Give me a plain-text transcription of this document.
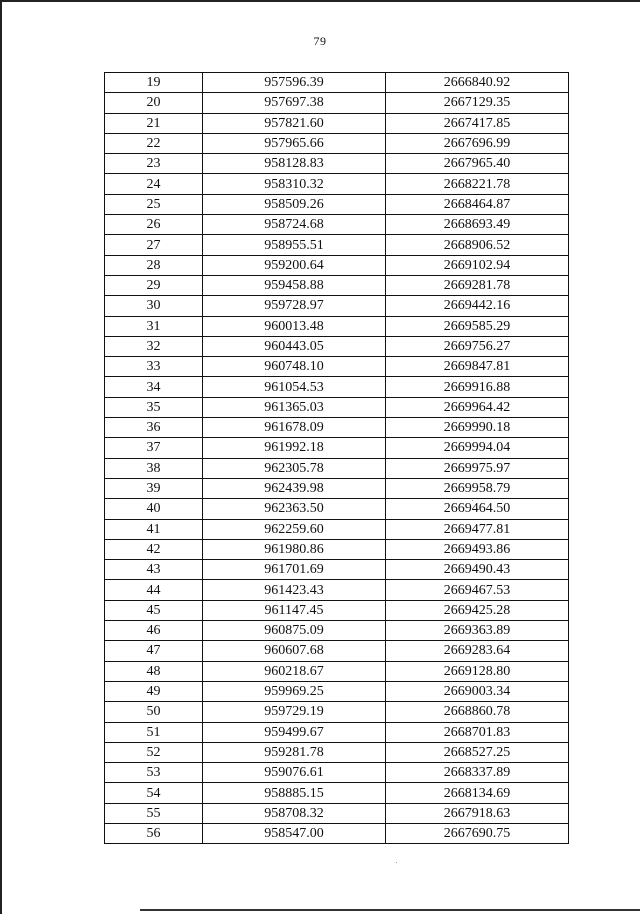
79
19	957596.39	2666840.92
20	957697.38	2667129.35
21	957821.60	2667417.85
22	957965.66	2667696.99
23	958128.83	2667965.40
24	958310.32	2668221.78
25	958509.26	2668464.87
26	958724.68	2668693.49
27	958955.51	2668906.52
28	959200.64	2669102.94
29	959458.88	2669281.78
30	959728.97	2669442.16
31	960013.48	2669585.29
32	960443.05	2669756.27
33	960748.10	2669847.81
34	961054.53	2669916.88
35	961365.03	2669964.42
36	961678.09	2669990.18
37	961992.18	2669994.04
38	962305.78	2669975.97
39	962439.98	2669958.79
40	962363.50	2669464.50
41	962259.60	2669477.81
42	961980.86	2669493.86
43	961701.69	2669490.43
44	961423.43	2669467.53
45	961147.45	2669425.28
46	960875.09	2669363.89
47	960607.68	2669283.64
48	960218.67	2669128.80
49	959969.25	2669003.34
50	959729.19	2668860.78
51	959499.67	2668701.83
52	959281.78	2668527.25
53	959076.61	2668337.89
54	958885.15	2668134.69
55	958708.32	2667918.63
56	958547.00	2667690.75
